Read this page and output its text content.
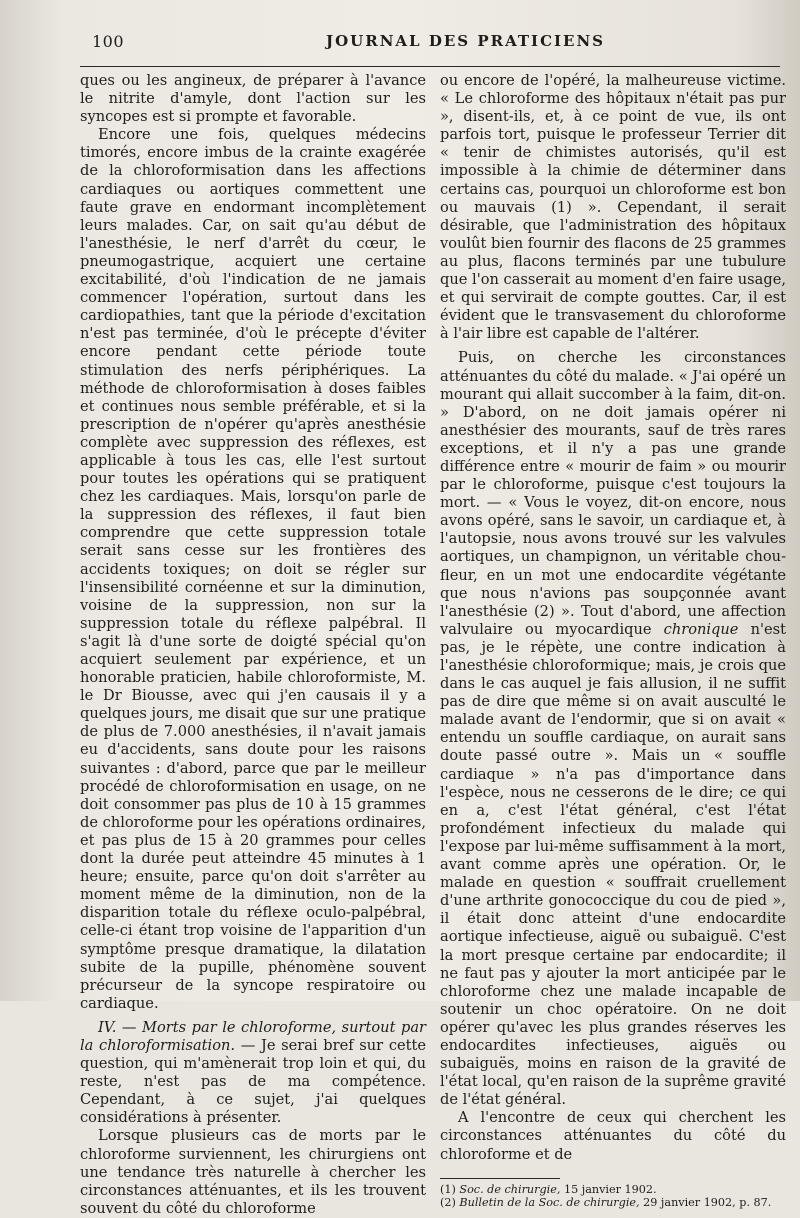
100	JOURNAL DES PRATICIENS

ques ou les angineux, de préparer à l'avance le nitrite d'amyle, dont l'action sur les syncopes est si prompte et favorable.

Encore une fois, quelques médecins timorés, encore imbus de la crainte exagérée de la chloroformisation dans les affections cardiaques ou aortiques commettent une faute grave en endormant incomplètement leurs malades. Car, on sait qu'au début de l'anesthésie, le nerf d'arrêt du cœur, le pneumogastrique, acquiert une certaine excitabilité, d'où l'indication de ne jamais commencer l'opération, surtout dans les cardiopathies, tant que la période d'excitation n'est pas terminée, d'où le précepte d'éviter encore pendant cette période toute stimulation des nerfs périphériques. La méthode de chloroformisation à doses faibles et continues nous semble préférable, et si la prescription de n'opérer qu'après anesthésie complète avec suppression des réflexes, est applicable à tous les cas, elle l'est surtout pour toutes les opérations qui se pratiquent chez les cardiaques. Mais, lorsqu'on parle de la suppression des réflexes, il faut bien comprendre que cette suppression totale serait sans cesse sur les frontières des accidents toxiques; on doit se régler sur l'insensibilité cornéenne et sur la diminution, voisine de la suppression, non sur la suppression totale du réflexe palpébral. Il s'agit là d'une sorte de doigté spécial qu'on acquiert seulement par expérience, et un honorable praticien, habile chloroformiste, M. le Dr Biousse, avec qui j'en causais il y a quelques jours, me disait que sur une pratique de plus de 7.000 anesthésies, il n'avait jamais eu d'accidents, sans doute pour les raisons suivantes : d'abord, parce que par le meilleur procédé de chloroformisation en usage, on ne doit consommer pas plus de 10 à 15 grammes de chloroforme pour les opérations ordinaires, et pas plus de 15 à 20 grammes pour celles dont la durée peut atteindre 45 minutes à 1 heure; ensuite, parce qu'on doit s'arrêter au moment même de la diminution, non de la disparition totale du réflexe oculo-palpébral, celle-ci étant trop voisine de l'apparition d'un symptôme presque dramatique, la dilatation subite de la pupille, phénomène souvent précurseur de la syncope respiratoire ou cardiaque.

IV. — Morts par le chloroforme, surtout par la chloroformisation. — Je serai bref sur cette question, qui m'amènerait trop loin et qui, du reste, n'est pas de ma compétence. Cependant, à ce sujet, j'ai quelques considérations à présenter.

Lorsque plusieurs cas de morts par le chloroforme surviennent, les chirurgiens ont une tendance très naturelle à chercher les circonstances atténuantes, et ils les trouvent souvent du côté du chloroforme

ou encore de l'opéré, la malheureuse victime. « Le chloroforme des hôpitaux n'était pas pur », disent-ils, et, à ce point de vue, ils ont parfois tort, puisque le professeur Terrier dit « tenir de chimistes autorisés, qu'il est impossible à la chimie de déterminer dans certains cas, pourquoi un chloroforme est bon ou mauvais (1) ». Cependant, il serait désirable, que l'administration des hôpitaux voulût bien fournir des flacons de 25 grammes au plus, flacons terminés par une tubulure que l'on casserait au moment d'en faire usage, et qui servirait de compte gouttes. Car, il est évident que le transvasement du chloroforme à l'air libre est capable de l'altérer.

Puis, on cherche les circonstances atténuantes du côté du malade. « J'ai opéré un mourant qui allait succomber à la faim, dit-on. » D'abord, on ne doit jamais opérer ni anesthésier des mourants, sauf de très rares exceptions, et il n'y a pas une grande différence entre « mourir de faim » ou mourir par le chloroforme, puisque c'est toujours la mort. — « Vous le voyez, dit-on encore, nous avons opéré, sans le savoir, un cardiaque et, à l'autopsie, nous avons trouvé sur les valvules aortiques, un champignon, un véritable chou-fleur, en un mot une endocardite végétante que nous n'avions pas soupçonnée avant l'anesthésie (2) ». Tout d'abord, une affection valvulaire ou myocardique chronique n'est pas, je le répète, une contre indication à l'anesthésie chloroformique; mais, je crois que dans le cas auquel je fais allusion, il ne suffit pas de dire que même si on avait ausculté le malade avant de l'endormir, que si on avait « entendu un souffle cardiaque, on aurait sans doute passé outre ». Mais un « souffle cardiaque » n'a pas d'importance dans l'espèce, nous ne cesserons de le dire; ce qui en a, c'est l'état général, c'est l'état profondément infectieux du malade qui l'expose par lui-même suffisamment à la mort, avant comme après une opération. Or, le malade en question « souffrait cruellement d'une arthrite gonococcique du cou de pied », il était donc atteint d'une endocardite aortique infectieuse, aiguë ou subaiguë. C'est la mort presque certaine par endocardite; il ne faut pas y ajouter la mort anticipée par le chloroforme chez une malade incapable de soutenir un choc opératoire. On ne doit opérer qu'avec les plus grandes réserves les endocardites infectieuses, aiguës ou subaiguës, moins en raison de la gravité de l'état local, qu'en raison de la suprême gravité de l'état général.

A l'encontre de ceux qui cherchent les circonstances atténuantes du côté du chloroforme et de

(1) Soc. de chirurgie, 15 janvier 1902.

(2) Bulletin de la Soc. de chirurgie, 29 janvier 1902, p. 87.
